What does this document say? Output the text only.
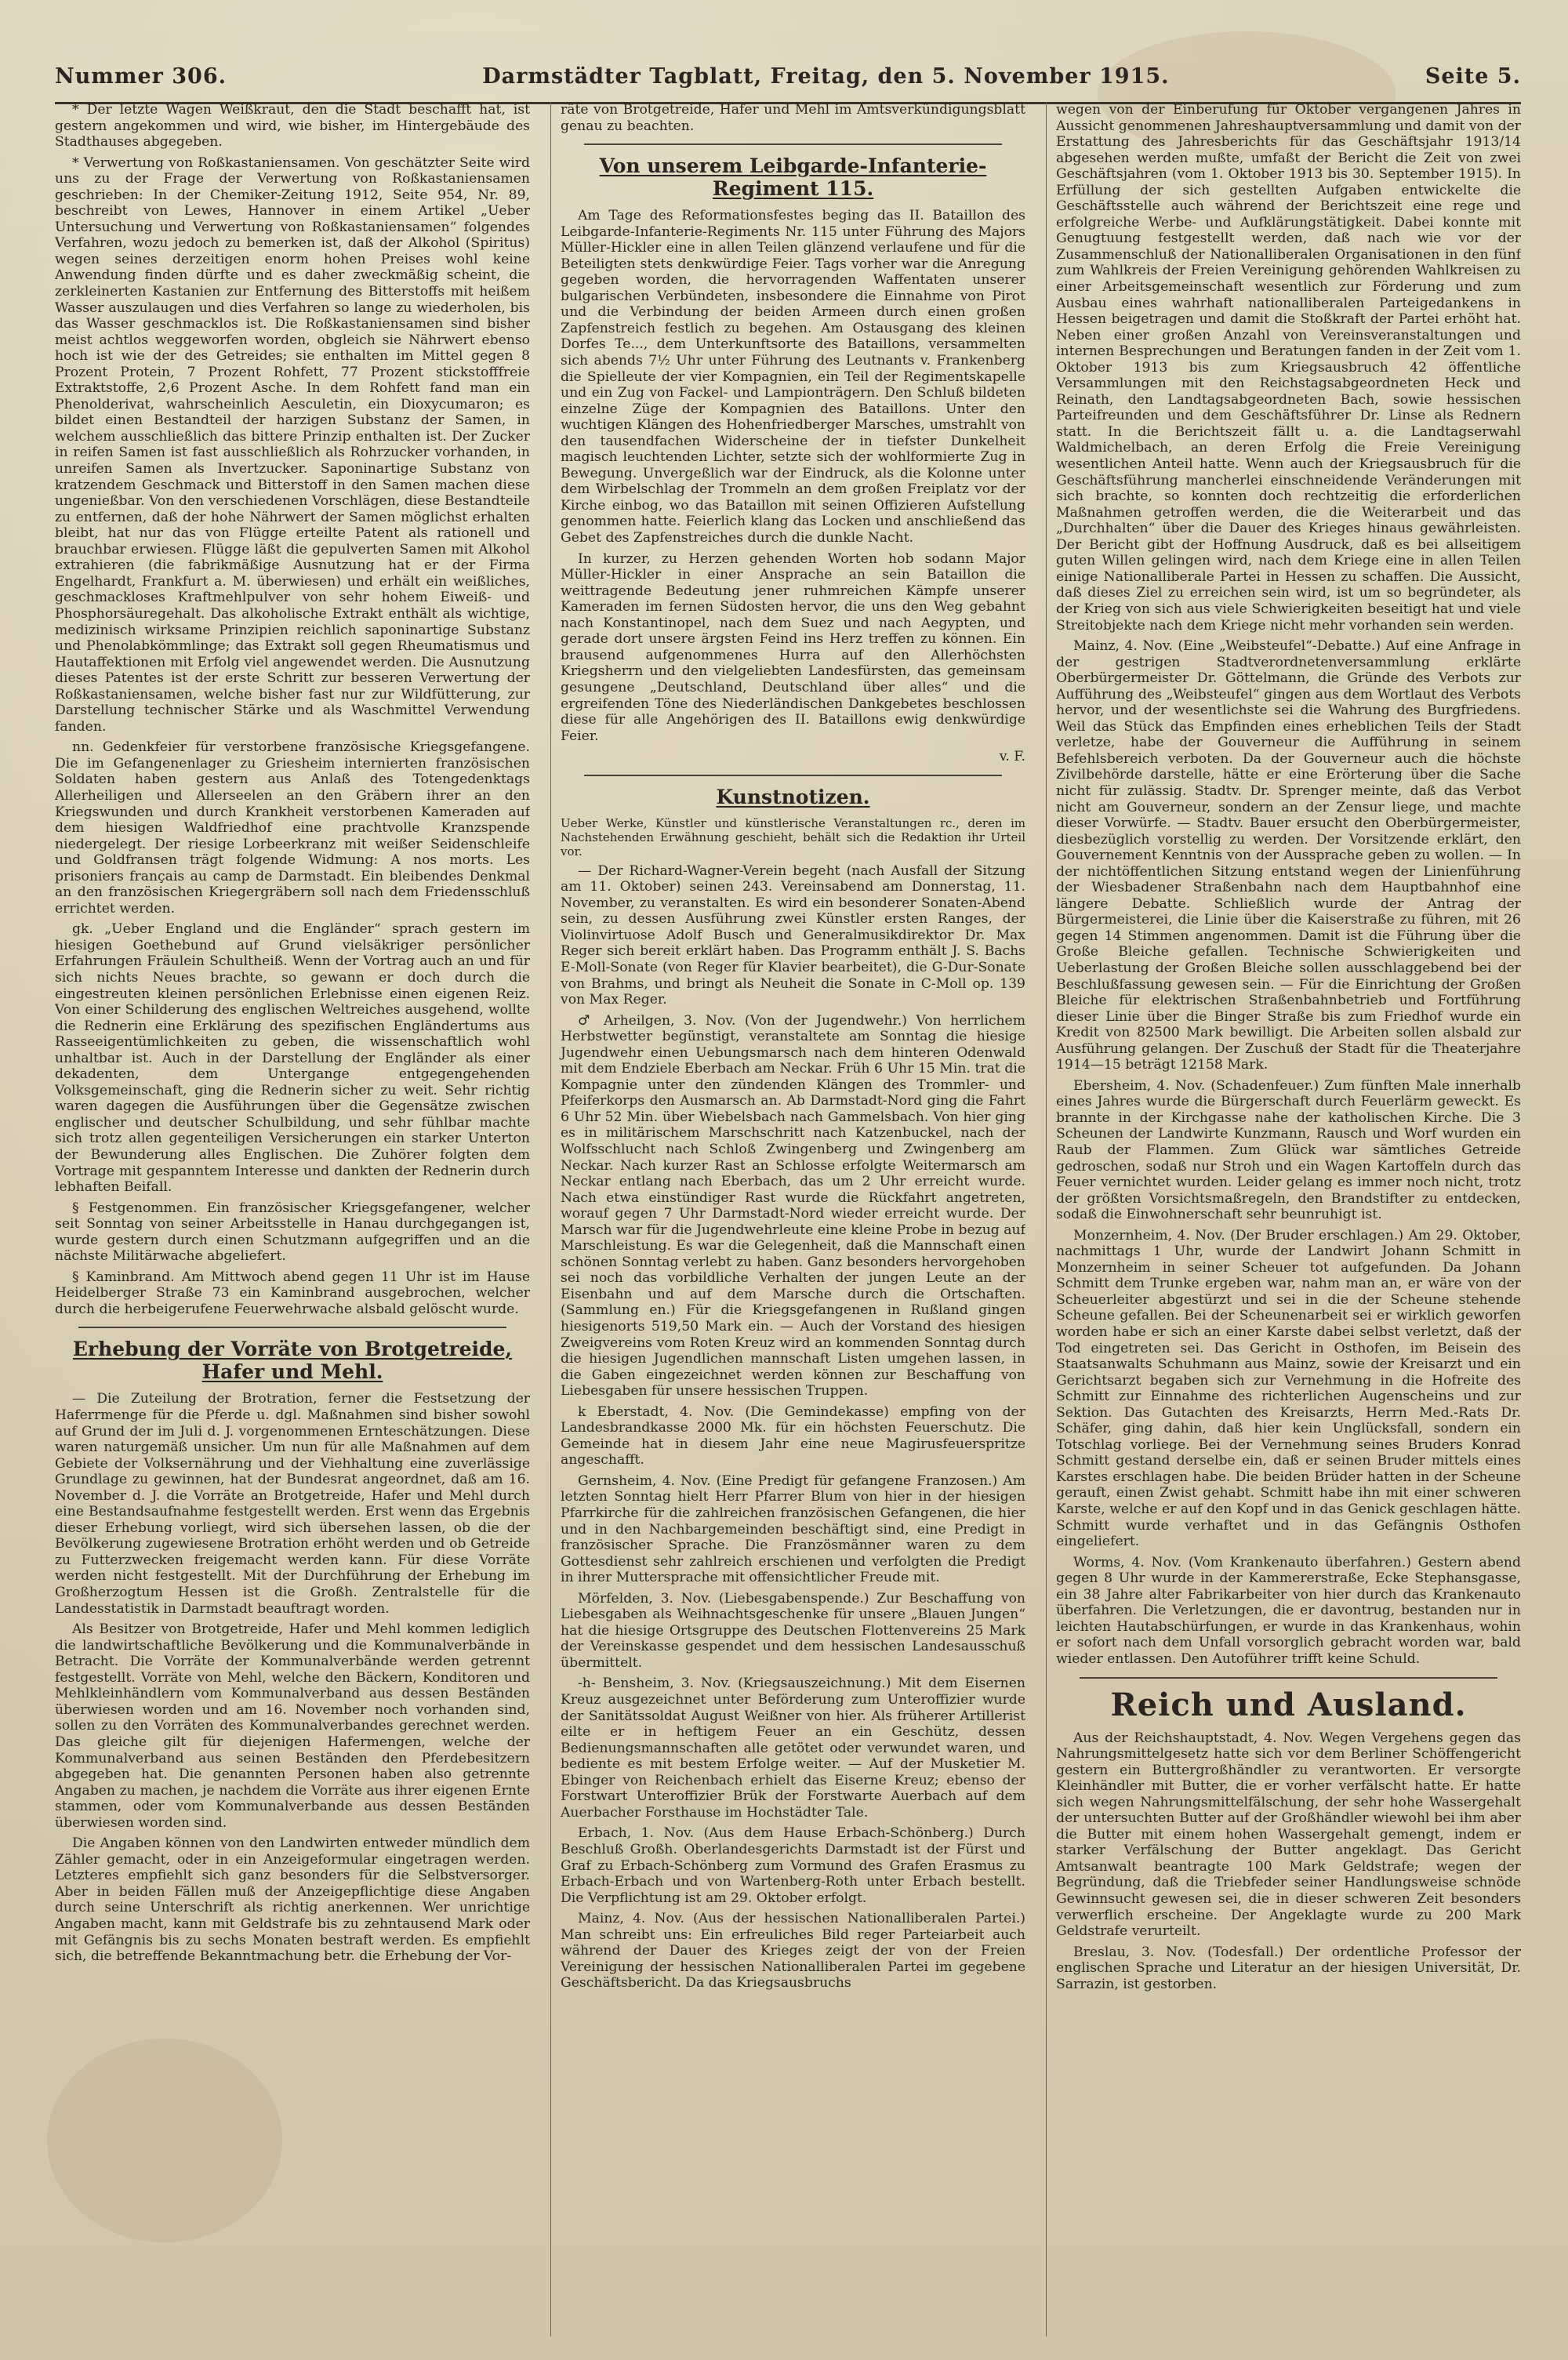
Nummer 306.	Darmstädter Tagblatt, Freitag, den 5. November 1915.	Seite 5.

* Der letzte Wagen Weißkraut, den die Stadt beschafft hat, ist gestern angekommen und wird, wie bisher, im Hintergebäude des Stadthauses abgegeben.

* Verwertung von Roßkastaniensamen. Von geschätzter Seite wird uns zu der Frage der Verwertung von Roßkastaniensamen geschrieben: In der Chemiker-Zeitung 1912, Seite 954, Nr. 89, beschreibt von Lewes, Hannover in einem Artikel „Ueber Untersuchung und Verwertung von Roßkastaniensamen“ folgendes Verfahren, wozu jedoch zu bemerken ist, daß der Alkohol (Spiritus) wegen seines derzeitigen enorm hohen Preises wohl keine Anwendung finden dürfte und es daher zweckmäßig scheint, die zerkleinerten Kastanien zur Entfernung des Bitterstoffs mit heißem Wasser auszulaugen und dies Verfahren so lange zu wiederholen, bis das Wasser geschmacklos ist. Die Roßkastaniensamen sind bisher meist achtlos weggeworfen worden, obgleich sie Nährwert ebenso hoch ist wie der des Getreides; sie enthalten im Mittel gegen 8 Prozent Protein, 7 Prozent Rohfett, 77 Prozent stickstofffreie Extraktstoffe, 2,6 Prozent Asche. In dem Rohfett fand man ein Phenolderivat, wahrscheinlich Aesculetin, ein Dioxycumaron; es bildet einen Bestandteil der harzigen Substanz der Samen, in welchem ausschließlich das bittere Prinzip enthalten ist. Der Zucker in reifen Samen ist fast ausschließlich als Rohrzucker vorhanden, in unreifen Samen als Invertzucker. Saponinartige Substanz von kratzendem Geschmack und Bitterstoff in den Samen machen diese ungenießbar. Von den verschiedenen Vorschlägen, diese Bestandteile zu entfernen, daß der hohe Nährwert der Samen möglichst erhalten bleibt, hat nur das von Flügge erteilte Patent als rationell und brauchbar erwiesen. Flügge läßt die gepulverten Samen mit Alkohol extrahieren (die fabrikmäßige Ausnutzung hat er der Firma Engelhardt, Frankfurt a. M. überwiesen) und erhält ein weißliches, geschmackloses Kraftmehlpulver von sehr hohem Eiweiß- und Phosphorsäuregehalt. Das alkoholische Extrakt enthält als wichtige, medizinisch wirksame Prinzipien reichlich saponinartige Substanz und Phenolabkömmlinge; das Extrakt soll gegen Rheumatismus und Hautaffektionen mit Erfolg viel angewendet werden. Die Ausnutzung dieses Patentes ist der erste Schritt zur besseren Verwertung der Roßkastaniensamen, welche bisher fast nur zur Wildfütterung, zur Darstellung technischer Stärke und als Waschmittel Verwendung fanden.

nn. Gedenkfeier für verstorbene französische Kriegsgefangene. Die im Gefangenenlager zu Griesheim internierten französischen Soldaten haben gestern aus Anlaß des Totengedenktags Allerheiligen und Allerseelen an den Gräbern ihrer an den Kriegswunden und durch Krankheit verstorbenen Kameraden auf dem hiesigen Waldfriedhof eine prachtvolle Kranzspende niedergelegt. Der riesige Lorbeerkranz mit weißer Seidenschleife und Goldfransen trägt folgende Widmung: A nos morts. Les prisoniers français au camp de Darmstadt. Ein bleibendes Denkmal an den französischen Kriegergräbern soll nach dem Friedensschluß errichtet werden.

gk. „Ueber England und die Engländer“ sprach gestern im hiesigen Goethebund auf Grund vielsäkriger persönlicher Erfahrungen Fräulein Schultheiß. Wenn der Vortrag auch an und für sich nichts Neues brachte, so gewann er doch durch die eingestreuten kleinen persönlichen Erlebnisse einen eigenen Reiz. Von einer Schilderung des englischen Weltreiches ausgehend, wollte die Rednerin eine Erklärung des spezifischen Engländertums aus Rasseeigentümlichkeiten zu geben, die wissenschaftlich wohl unhaltbar ist. Auch in der Darstellung der Engländer als einer dekadenten, dem Untergange entgegengehenden Volksgemeinschaft, ging die Rednerin sicher zu weit. Sehr richtig waren dagegen die Ausführungen über die Gegensätze zwischen englischer und deutscher Schulbildung, und sehr fühlbar machte sich trotz allen gegenteiligen Versicherungen ein starker Unterton der Bewunderung alles Englischen. Die Zuhörer folgten dem Vortrage mit gespanntem Interesse und dankten der Rednerin durch lebhaften Beifall.

§ Festgenommen. Ein französischer Kriegsgefangener, welcher seit Sonntag von seiner Arbeitsstelle in Hanau durchgegangen ist, wurde gestern durch einen Schutzmann aufgegriffen und an die nächste Militärwache abgeliefert.

§ Kaminbrand. Am Mittwoch abend gegen 11 Uhr ist im Hause Heidelberger Straße 73 ein Kaminbrand ausgebrochen, welcher durch die herbeigerufene Feuerwehrwache alsbald gelöscht wurde.

Erhebung der Vorräte von Brotgetreide, Hafer und Mehl.

— Die Zuteilung der Brotration, ferner die Festsetzung der Haferrmenge für die Pferde u. dgl. Maßnahmen sind bisher sowohl auf Grund der im Juli d. J. vorgenommenen Ernteschätzungen. Diese waren naturgemäß unsicher. Um nun für alle Maßnahmen auf dem Gebiete der Volksernährung und der Viehhaltung eine zuverlässige Grundlage zu gewinnen, hat der Bundesrat angeordnet, daß am 16. November d. J. die Vorräte an Brotgetreide, Hafer und Mehl durch eine Bestandsaufnahme festgestellt werden. Erst wenn das Ergebnis dieser Erhebung vorliegt, wird sich übersehen lassen, ob die der Bevölkerung zugewiesene Brotration erhöht werden und ob Getreide zu Futterzwecken freigemacht werden kann. Für diese Vorräte werden nicht festgestellt. Mit der Durchführung der Erhebung im Großherzogtum Hessen ist die Großh. Zentralstelle für die Landesstatistik in Darmstadt beauftragt worden.

Als Besitzer von Brotgetreide, Hafer und Mehl kommen lediglich die landwirtschaftliche Bevölkerung und die Kommunalverbände in Betracht. Die Vorräte der Kommunalverbände werden getrennt festgestellt. Vorräte von Mehl, welche den Bäckern, Konditoren und Mehlkleinhändlern vom Kommunalverband aus dessen Beständen überwiesen worden und am 16. November noch vorhanden sind, sollen zu den Vorräten des Kommunalverbandes gerechnet werden. Das gleiche gilt für diejenigen Hafermengen, welche der Kommunalverband aus seinen Beständen den Pferdebesitzern abgegeben hat. Die genannten Personen haben also getrennte Angaben zu machen, je nachdem die Vorräte aus ihrer eigenen Ernte stammen, oder vom Kommunalverbande aus dessen Beständen überwiesen worden sind.

Die Angaben können von den Landwirten entweder mündlich dem Zähler gemacht, oder in ein Anzeigeformular eingetragen werden. Letzteres empfiehlt sich ganz besonders für die Selbstversorger. Aber in beiden Fällen muß der Anzeigepflichtige diese Angaben durch seine Unterschrift als richtig anerkennen. Wer unrichtige Angaben macht, kann mit Geldstrafe bis zu zehntausend Mark oder mit Gefängnis bis zu sechs Monaten bestraft werden. Es empfiehlt sich, die betreffende Bekanntmachung betr. die Erhebung der Vor-

räte von Brotgetreide, Hafer und Mehl im Amtsverkündigungsblatt genau zu beachten.

Von unserem Leibgarde-Infanterie-Regiment 115.

Am Tage des Reformationsfestes beging das II. Bataillon des Leibgarde-Infanterie-Regiments Nr. 115 unter Führung des Majors Müller-Hickler eine in allen Teilen glänzend verlaufene und für die Beteiligten stets denkwürdige Feier. Tags vorher war die Anregung gegeben worden, die hervorragenden Waffentaten unserer bulgarischen Verbündeten, insbesondere die Einnahme von Pirot und die Verbindung der beiden Armeen durch einen großen Zapfenstreich festlich zu begehen. Am Ostausgang des kleinen Dorfes Te..., dem Unterkunftsorte des Bataillons, versammelten sich abends 7½ Uhr unter Führung des Leutnants v. Frankenberg die Spielleute der vier Kompagnien, ein Teil der Regimentskapelle und ein Zug von Fackel- und Lampionträgern. Den Schluß bildeten einzelne Züge der Kompagnien des Bataillons. Unter den wuchtigen Klängen des Hohenfriedberger Marsches, umstrahlt von den tausendfachen Widerscheine der in tiefster Dunkelheit magisch leuchtenden Lichter, setzte sich der wohlformierte Zug in Bewegung. Unvergeßlich war der Eindruck, als die Kolonne unter dem Wirbelschlag der Trommeln an dem großen Freiplatz vor der Kirche einbog, wo das Bataillon mit seinen Offizieren Aufstellung genommen hatte. Feierlich klang das Locken und anschließend das Gebet des Zapfenstreiches durch die dunkle Nacht.

In kurzer, zu Herzen gehenden Worten hob sodann Major Müller-Hickler in einer Ansprache an sein Bataillon die weittragende Bedeutung jener ruhmreichen Kämpfe unserer Kameraden im fernen Südosten hervor, die uns den Weg gebahnt nach Konstantinopel, nach dem Suez und nach Aegypten, und gerade dort unsere ärgsten Feind ins Herz treffen zu können. Ein brausend aufgenommenes Hurra auf den Allerhöchsten Kriegsherrn und den vielgeliebten Landesfürsten, das gemeinsam gesungene „Deutschland, Deutschland über alles“ und die ergreifenden Töne des Niederländischen Dankgebetes beschlossen diese für alle Angehörigen des II. Bataillons ewig denkwürdige Feier.

v. F.

Kunstnotizen.

Ueber Werke, Künstler und künstlerische Veranstaltungen rc., deren im Nachstehenden Erwähnung geschieht, behält sich die Redaktion ihr Urteil vor.

— Der Richard-Wagner-Verein begeht (nach Ausfall der Sitzung am 11. Oktober) seinen 243. Vereinsabend am Donnerstag, 11. November, zu veranstalten. Es wird ein besonderer Sonaten-Abend sein, zu dessen Ausführung zwei Künstler ersten Ranges, der Violinvirtuose Adolf Busch und Generalmusikdirektor Dr. Max Reger sich bereit erklärt haben. Das Programm enthält J. S. Bachs E-Moll-Sonate (von Reger für Klavier bearbeitet), die G-Dur-Sonate von Brahms, und bringt als Neuheit die Sonate in C-Moll op. 139 von Max Reger.

♂ Arheilgen, 3. Nov. (Von der Jugendwehr.) Von herrlichem Herbstwetter begünstigt, veranstaltete am Sonntag die hiesige Jugendwehr einen Uebungsmarsch nach dem hinteren Odenwald mit dem Endziele Eberbach am Neckar. Früh 6 Uhr 15 Min. trat die Kompagnie unter den zündenden Klängen des Trommler- und Pfeiferkorps den Ausmarsch an. Ab Darmstadt-Nord ging die Fahrt 6 Uhr 52 Min. über Wiebelsbach nach Gammelsbach. Von hier ging es in militärischem Marschschritt nach Katzenbuckel, nach der Wolfsschlucht nach Schloß Zwingenberg und Zwingenberg am Neckar. Nach kurzer Rast an Schlosse erfolgte Weitermarsch am Neckar entlang nach Eberbach, das um 2 Uhr erreicht wurde. Nach etwa einstündiger Rast wurde die Rückfahrt angetreten, worauf gegen 7 Uhr Darmstadt-Nord wieder erreicht wurde. Der Marsch war für die Jugendwehrleute eine kleine Probe in bezug auf Marschleistung. Es war die Gelegenheit, daß die Mannschaft einen schönen Sonntag verlebt zu haben. Ganz besonders hervorgehoben sei noch das vorbildliche Verhalten der jungen Leute an der Eisenbahn und auf dem Marsche durch die Ortschaften. (Sammlung en.) Für die Kriegsgefangenen in Rußland gingen hiesigenorts 519,50 Mark ein. — Auch der Vorstand des hiesigen Zweigvereins vom Roten Kreuz wird an kommenden Sonntag durch die hiesigen Jugendlichen mannschaft Listen umgehen lassen, in die Gaben eingezeichnet werden können zur Beschaffung von Liebesgaben für unsere hessischen Truppen.

k Eberstadt, 4. Nov. (Die Gemindekasse) empfing von der Landesbrandkasse 2000 Mk. für ein höchsten Feuerschutz. Die Gemeinde hat in diesem Jahr eine neue Magirusfeuerspritze angeschafft.

Gernsheim, 4. Nov. (Eine Predigt für gefangene Franzosen.) Am letzten Sonntag hielt Herr Pfarrer Blum von hier in der hiesigen Pfarrkirche für die zahlreichen französischen Gefangenen, die hier und in den Nachbargemeinden beschäftigt sind, eine Predigt in französischer Sprache. Die Französmänner waren zu dem Gottesdienst sehr zahlreich erschienen und verfolgten die Predigt in ihrer Muttersprache mit offensichtlicher Freude mit.

Mörfelden, 3. Nov. (Liebesgabenspende.) Zur Beschaffung von Liebesgaben als Weihnachtsgeschenke für unsere „Blauen Jungen“ hat die hiesige Ortsgruppe des Deutschen Flottenvereins 25 Mark der Vereinskasse gespendet und dem hessischen Landesausschuß übermittelt.

-h- Bensheim, 3. Nov. (Kriegsauszeichnung.) Mit dem Eisernen Kreuz ausgezeichnet unter Beförderung zum Unteroffizier wurde der Sanitätssoldat August Weißner von hier. Als früherer Artillerist eilte er in heftigem Feuer an ein Geschütz, dessen Bedienungsmannschaften alle getötet oder verwundet waren, und bediente es mit bestem Erfolge weiter. — Auf der Musketier M. Ebinger von Reichenbach erhielt das Eiserne Kreuz; ebenso der Forstwart Unteroffizier Brük der Forstwarte Auerbach auf dem Auerbacher Forsthause im Hochstädter Tale.

Erbach, 1. Nov. (Aus dem Hause Erbach-Schönberg.) Durch Beschluß Großh. Oberlandesgerichts Darmstadt ist der Fürst und Graf zu Erbach-Schönberg zum Vormund des Grafen Erasmus zu Erbach-Erbach und von Wartenberg-Roth unter Erbach bestellt. Die Verpflichtung ist am 29. Oktober erfolgt.

Mainz, 4. Nov. (Aus der hessischen Nationalliberalen Partei.) Man schreibt uns: Ein erfreuliches Bild reger Parteiarbeit auch während der Dauer des Krieges zeigt der von der Freien Vereinigung der hessischen Nationalliberalen Partei im gegebene Geschäftsbericht. Da das Kriegsausbruchs

wegen von der Einberufung für Oktober vergangenen Jahres in Aussicht genommenen Jahreshauptversammlung und damit von der Erstattung des Jahresberichts für das Geschäftsjahr 1913/14 abgesehen werden mußte, umfaßt der Bericht die Zeit von zwei Geschäftsjahren (vom 1. Oktober 1913 bis 30. September 1915). In Erfüllung der sich gestellten Aufgaben entwickelte die Geschäftsstelle auch während der Berichtszeit eine rege und erfolgreiche Werbe- und Aufklärungstätigkeit. Dabei konnte mit Genugtuung festgestellt werden, daß nach wie vor der Zusammenschluß der Nationalliberalen Organisationen in den fünf zum Wahlkreis der Freien Vereinigung gehörenden Wahlkreisen zu einer Arbeitsgemeinschaft wesentlich zur Förderung und zum Ausbau eines wahrhaft nationalliberalen Parteigedankens in Hessen beigetragen und damit die Stoßkraft der Partei erhöht hat. Neben einer großen Anzahl von Vereinsveranstaltungen und internen Besprechungen und Beratungen fanden in der Zeit vom 1. Oktober 1913 bis zum Kriegsausbruch 42 öffentliche Versammlungen mit den Reichstagsabgeordneten Heck und Reinath, den Landtagsabgeordneten Bach, sowie hessischen Parteifreunden und dem Geschäftsführer Dr. Linse als Rednern statt. In die Berichtszeit fällt u. a. die Landtagserwahl Waldmichelbach, an deren Erfolg die Freie Vereinigung wesentlichen Anteil hatte. Wenn auch der Kriegsausbruch für die Geschäftsführung mancherlei einschneidende Veränderungen mit sich brachte, so konnten doch rechtzeitig die erforderlichen Maßnahmen getroffen werden, die die Weiterarbeit und das „Durchhalten“ über die Dauer des Krieges hinaus gewährleisten. Der Bericht gibt der Hoffnung Ausdruck, daß es bei allseitigem guten Willen gelingen wird, nach dem Kriege eine in allen Teilen einige Nationalliberale Partei in Hessen zu schaffen. Die Aussicht, daß dieses Ziel zu erreichen sein wird, ist um so begründeter, als der Krieg von sich aus viele Schwierigkeiten beseitigt hat und viele Streitobjekte nach dem Kriege nicht mehr vorhanden sein werden.

Mainz, 4. Nov. (Eine „Weibsteufel“-Debatte.) Auf eine Anfrage in der gestrigen Stadtverordnetenversammlung erklärte Oberbürgermeister Dr. Göttelmann, die Gründe des Verbots zur Aufführung des „Weibsteufel“ gingen aus dem Wortlaut des Verbots hervor, und der wesentlichste sei die Wahrung des Burgfriedens. Weil das Stück das Empfinden eines erheblichen Teils der Stadt verletze, habe der Gouverneur die Aufführung in seinem Befehlsbereich verboten. Da der Gouverneur auch die höchste Zivilbehörde darstelle, hätte er eine Erörterung über die Sache nicht für zulässig. Stadtv. Dr. Sprenger meinte, daß das Verbot nicht am Gouverneur, sondern an der Zensur liege, und machte dieser Vorwürfe. — Stadtv. Bauer ersucht den Oberbürgermeister, diesbezüglich vorstellig zu werden. Der Vorsitzende erklärt, den Gouvernement Kenntnis von der Aussprache geben zu wollen. — In der nichtöffentlichen Sitzung entstand wegen der Linienführung der Wiesbadener Straßenbahn nach dem Hauptbahnhof eine längere Debatte. Schließlich wurde der Antrag der Bürgermeisterei, die Linie über die Kaiserstraße zu führen, mit 26 gegen 14 Stimmen angenommen. Damit ist die Führung über die Große Bleiche gefallen. Technische Schwierigkeiten und Ueberlastung der Großen Bleiche sollen ausschlaggebend bei der Beschlußfassung gewesen sein. — Für die Einrichtung der Großen Bleiche für elektrischen Straßenbahnbetrieb und Fortführung dieser Linie über die Binger Straße bis zum Friedhof wurde ein Kredit von 82500 Mark bewilligt. Die Arbeiten sollen alsbald zur Ausführung gelangen. Der Zuschuß der Stadt für die Theaterjahre 1914—15 beträgt 12158 Mark.

Ebersheim, 4. Nov. (Schadenfeuer.) Zum fünften Male innerhalb eines Jahres wurde die Bürgerschaft durch Feuerlärm geweckt. Es brannte in der Kirchgasse nahe der katholischen Kirche. Die 3 Scheunen der Landwirte Kunzmann, Rausch und Worf wurden ein Raub der Flammen. Zum Glück war sämtliches Getreide gedroschen, sodaß nur Stroh und ein Wagen Kartoffeln durch das Feuer vernichtet wurden. Leider gelang es immer noch nicht, trotz der größten Vorsichtsmaßregeln, den Brandstifter zu entdecken, sodaß die Einwohnerschaft sehr beunruhigt ist.

Monzernheim, 4. Nov. (Der Bruder erschlagen.) Am 29. Oktober, nachmittags 1 Uhr, wurde der Landwirt Johann Schmitt in Monzernheim in seiner Scheuer tot aufgefunden. Da Johann Schmitt dem Trunke ergeben war, nahm man an, er wäre von der Scheuerleiter abgestürzt und sei in die der Scheune stehende Scheune gefallen. Bei der Scheunenarbeit sei er wirklich geworfen worden habe er sich an einer Karste dabei selbst verletzt, daß der Tod eingetreten sei. Das Gericht in Osthofen, im Beisein des Staatsanwalts Schuhmann aus Mainz, sowie der Kreisarzt und ein Gerichtsarzt begaben sich zur Vernehmung in die Hofreite des Schmitt zur Einnahme des richterlichen Augenscheins und zur Sektion. Das Gutachten des Kreisarzts, Herrn Med.-Rats Dr. Schäfer, ging dahin, daß hier kein Unglücksfall, sondern ein Totschlag vorliege. Bei der Vernehmung seines Bruders Konrad Schmitt gestand derselbe ein, daß er seinen Bruder mittels eines Karstes erschlagen habe. Die beiden Brüder hatten in der Scheune gerauft, einen Zwist gehabt. Schmitt habe ihn mit einer schweren Karste, welche er auf den Kopf und in das Genick geschlagen hätte. Schmitt wurde verhaftet und in das Gefängnis Osthofen eingeliefert.

Worms, 4. Nov. (Vom Krankenauto überfahren.) Gestern abend gegen 8 Uhr wurde in der Kammererstraße, Ecke Stephansgasse, ein 38 Jahre alter Fabrikarbeiter von hier durch das Krankenauto überfahren. Die Verletzungen, die er davontrug, bestanden nur in leichten Hautabschürfungen, er wurde in das Krankenhaus, wohin er sofort nach dem Unfall vorsorglich gebracht worden war, bald wieder entlassen. Den Autoführer trifft keine Schuld.

Reich und Ausland.

Aus der Reichshauptstadt, 4. Nov. Wegen Vergehens gegen das Nahrungsmittelgesetz hatte sich vor dem Berliner Schöffengericht gestern ein Buttergroßhändler zu verantworten. Er versorgte Kleinhändler mit Butter, die er vorher verfälscht hatte. Er hatte sich wegen Nahrungsmittelfälschung, der sehr hohe Wassergehalt der untersuchten Butter auf der Großhändler wiewohl bei ihm aber die Butter mit einem hohen Wassergehalt gemengt, indem er starker Verfälschung der Butter angeklagt. Das Gericht Amtsanwalt beantragte 100 Mark Geldstrafe; wegen der Begründung, daß die Triebfeder seiner Handlungsweise schnöde Gewinnsucht gewesen sei, die in dieser schweren Zeit besonders verwerflich erscheine. Der Angeklagte wurde zu 200 Mark Geldstrafe verurteilt.

Breslau, 3. Nov. (Todesfall.) Der ordentliche Professor der englischen Sprache und Literatur an der hiesigen Universität, Dr. Sarrazin, ist gestorben.
